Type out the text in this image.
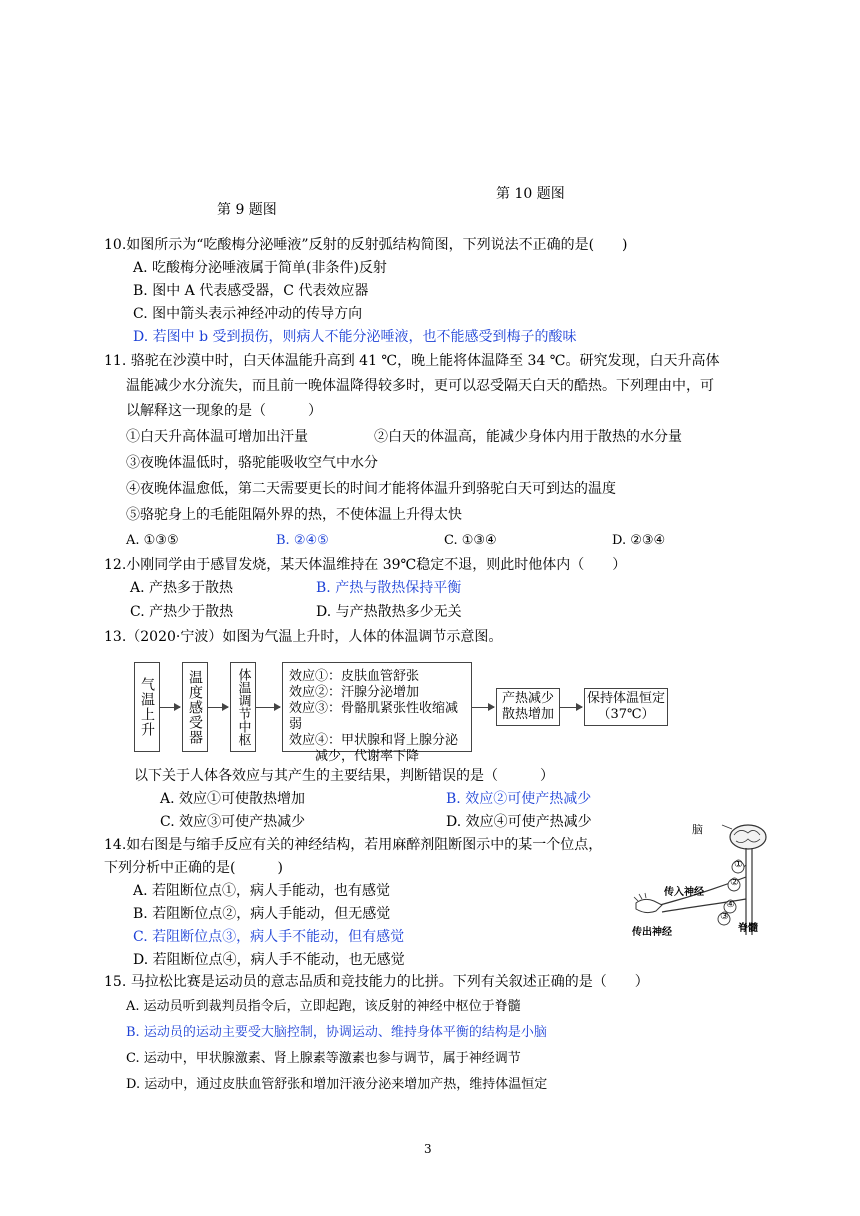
第 10 题图
第 9 题图
10.如图所示为“吃酸梅分泌唾液”反射的反射弧结构简图，下列说法不正确的是(　　)
A. 吃酸梅分泌唾液属于简单(非条件)反射
B. 图中 A 代表感受器，C 代表效应器
C. 图中箭头表示神经冲动的传导方向
D. 若图中 b 受到损伤，则病人不能分泌唾液，也不能感受到梅子的酸味
11. 骆驼在沙漠中时，白天体温能升高到 41 ℃，晚上能将体温降至 34 ℃。研究发现，白天升高体
温能减少水分流失，而且前一晚体温降得较多时，更可以忍受隔天白天的酷热。下列理由中，可
以解释这一现象的是（　　　）
①白天升高体温可增加出汗量	②白天的体温高，能减少身体内用于散热的水分量
③夜晚体温低时，骆驼能吸收空气中水分
④夜晚体温愈低，第二天需要更长的时间才能将体温升到骆驼白天可到达的温度
⑤骆驼身上的毛能阻隔外界的热，不使体温上升得太快
A. ①③⑤	B. ②④⑤	C. ①③④	D. ②③④
12.小刚同学由于感冒发烧，某天体温维持在 39℃稳定不退，则此时他体内（　　）
A. 产热多于散热	B. 产热与散热保持平衡
C. 产热少于散热	D. 与产热散热多少无关
13.（2020·宁波）如图为气温上升时，人体的体温调节示意图。
气温上升 温度感受器	体温调节中枢	效应①：皮肤血管舒张
效应②：汗腺分泌增加
效应③：骨骼肌紧张性收缩减弱
效应④：甲状腺和肾上腺分泌
　　减少，代谢率下降
产热减少
散热增加
保持体温恒定
（37℃）
以下关于人体各效应与其产生的主要结果，判断错误的是（　　　）
A. 效应①可使散热增加	B. 效应②可使产热减少
C. 效应③可使产热减少	D. 效应④可使产热减少
14.如右图是与缩手反应有关的神经结构，若用麻醉剂阻断图示中的某一个位点，
下列分析中正确的是(　　　)
A. 若阻断位点①，病人手能动，也有感觉
B. 若阻断位点②，病人手能动，但无感觉
C. 若阻断位点③，病人手不能动，但有感觉
D. 若阻断位点④，病人手不能动，也无感觉
脑
①
②
④
③
传入神经
传出神经	脊髓
15. 马拉松比赛是运动员的意志品质和竞技能力的比拼。下列有关叙述正确的是（　　）
A. 运动员听到裁判员指令后，立即起跑，该反射的神经中枢位于脊髓
B. 运动员的运动主要受大脑控制，协调运动、维持身体平衡的结构是小脑
C. 运动中，甲状腺激素、肾上腺素等激素也参与调节，属于神经调节
D. 运动中，通过皮肤血管舒张和增加汗液分泌来增加产热，维持体温恒定
3
